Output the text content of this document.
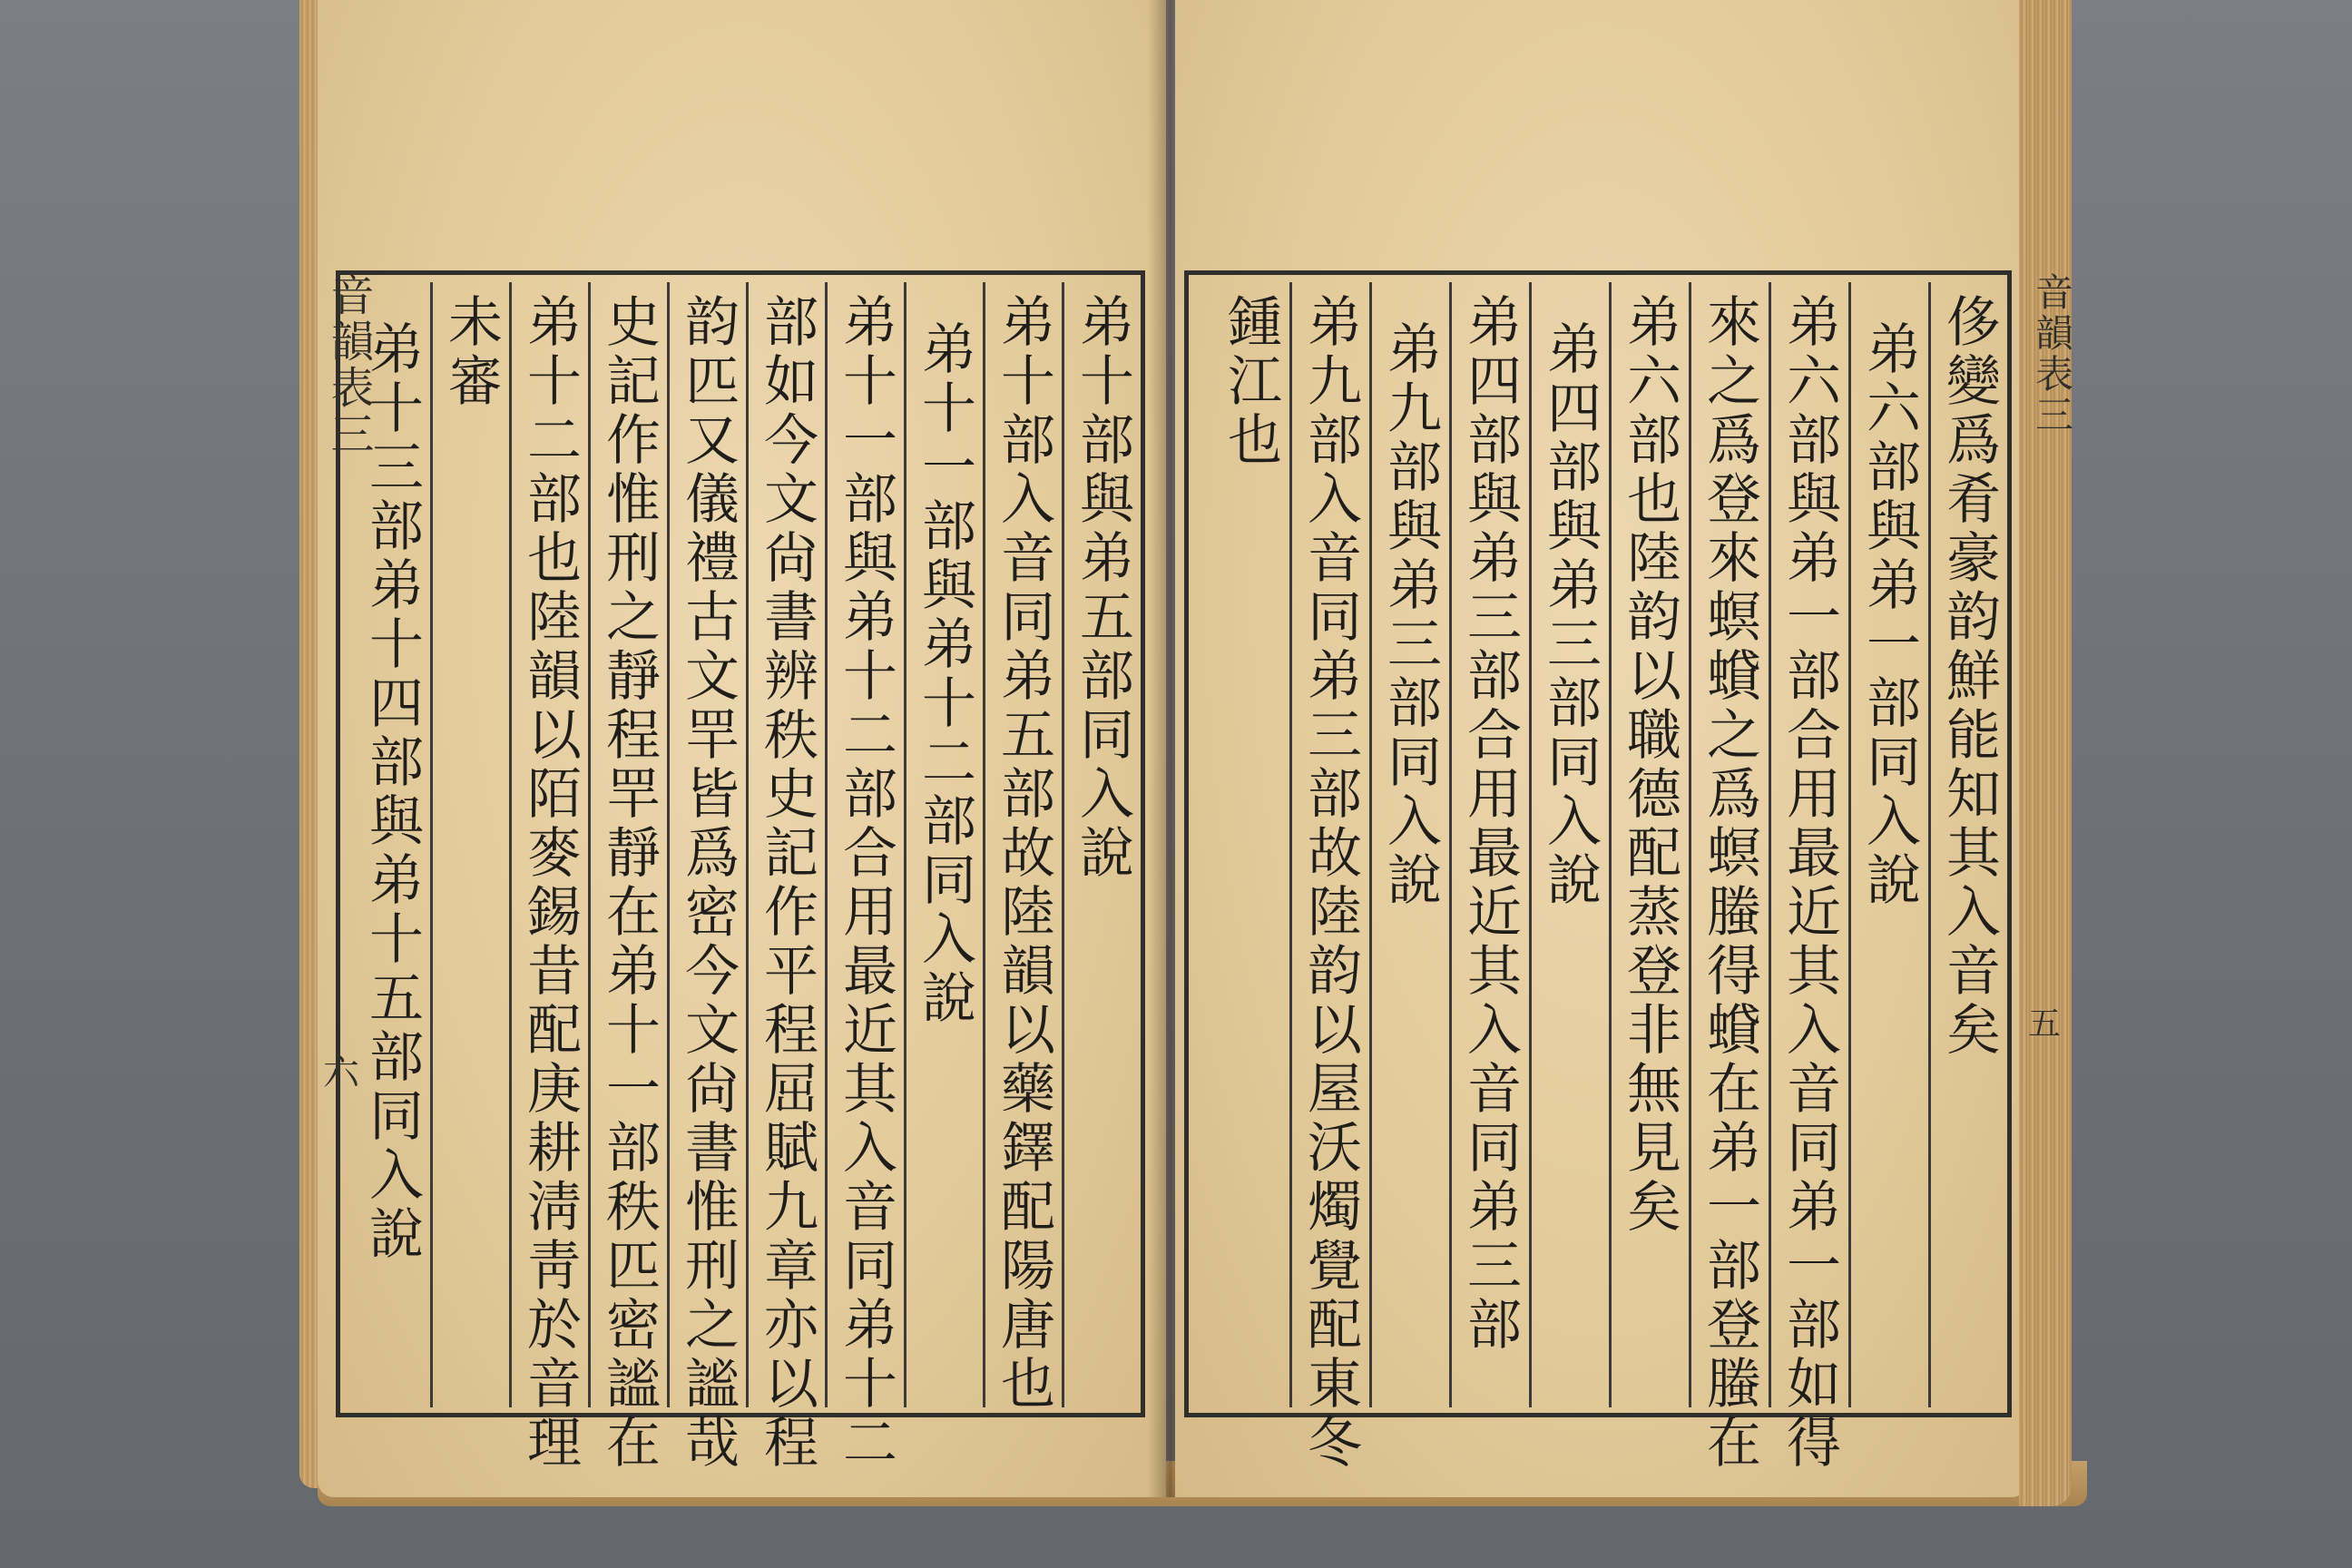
音韻表三
六
弟十部與弟五部同入說
弟十部入音同弟五部故陸韻以藥鐸配陽唐也
弟十一部與弟十二部同入說
弟十一部與弟十二部合用最近其入音同弟十二
部如今文尙書辨秩史記作平程屈賦九章亦以程
韵匹又儀禮古文䍐皆爲密今文尙書惟刑之謐哉
史記作惟刑之靜程䍐靜在弟十一部秩匹密謐在
弟十二部也陸韻以陌麥錫昔配庚耕淸靑於音理
未審
弟十三部弟十四部與弟十五部同入說	侈變爲肴豪韵鮮能知其入音矣
弟六部與弟一部同入說
弟六部與弟一部合用最近其入音同弟一部如得
來之爲登來螟蟘之爲螟螣得蟘在弟一部登螣在
弟六部也陸韵以職德配蒸登非無見矣
弟四部與弟三部同入說
弟四部與弟三部合用最近其入音同弟三部
弟九部與弟三部同入說
弟九部入音同弟三部故陸韵以屋沃燭覺配東冬
鍾江也	音韻表三
五
